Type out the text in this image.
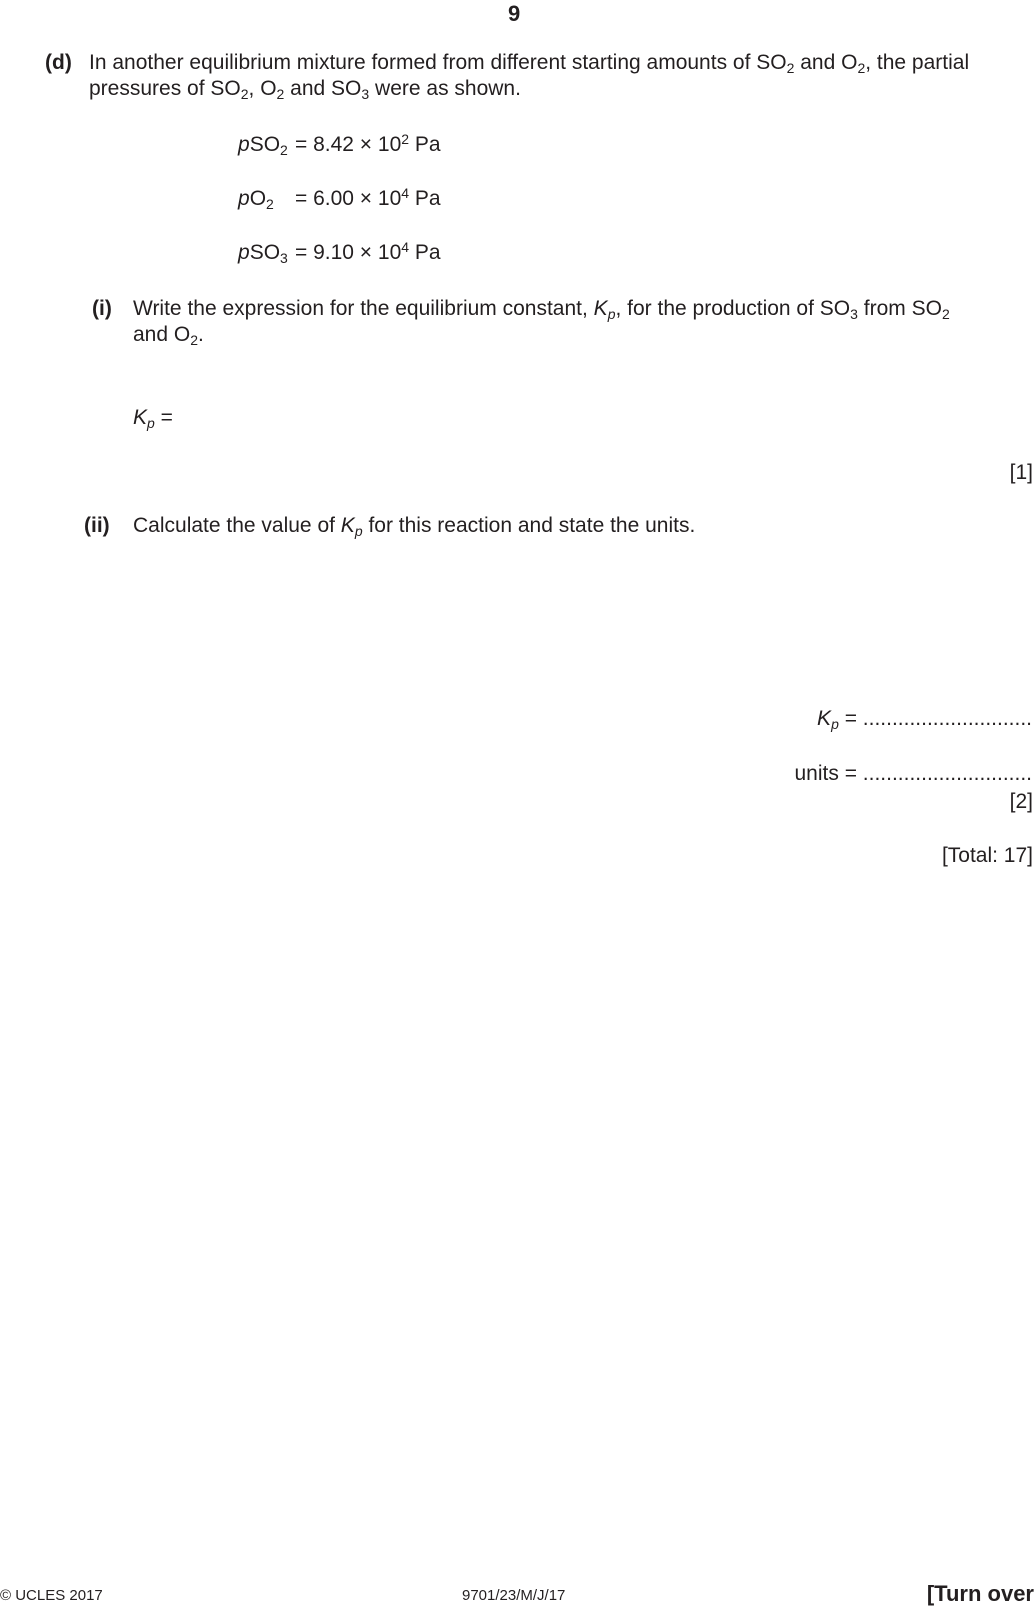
9
(d) In another equilibrium mixture formed from different starting amounts of $SO_2$ and $O_2$, the partial pressures of $SO_2$, $O_2$ and $SO_3$ were as shown.
$pSO_2 = 8.42 \times 10^2$ Pa
$pO_2 = 6.00 \times 10^4$ Pa
$pSO_3 = 9.10 \times 10^4$ Pa
(i) Write the expression for the equilibrium constant, $K_p$, for the production of $SO_3$ from $SO_2$
and $O_2$.
$K_p$ =
[1]
(ii) Calculate the value of $K_p$ for this reaction and state the units.
$K_p$ = .............................
units = .............................
[2]
[Total: 17]
© UCLES 2017	9701/23/M/J/17	[Turn over
